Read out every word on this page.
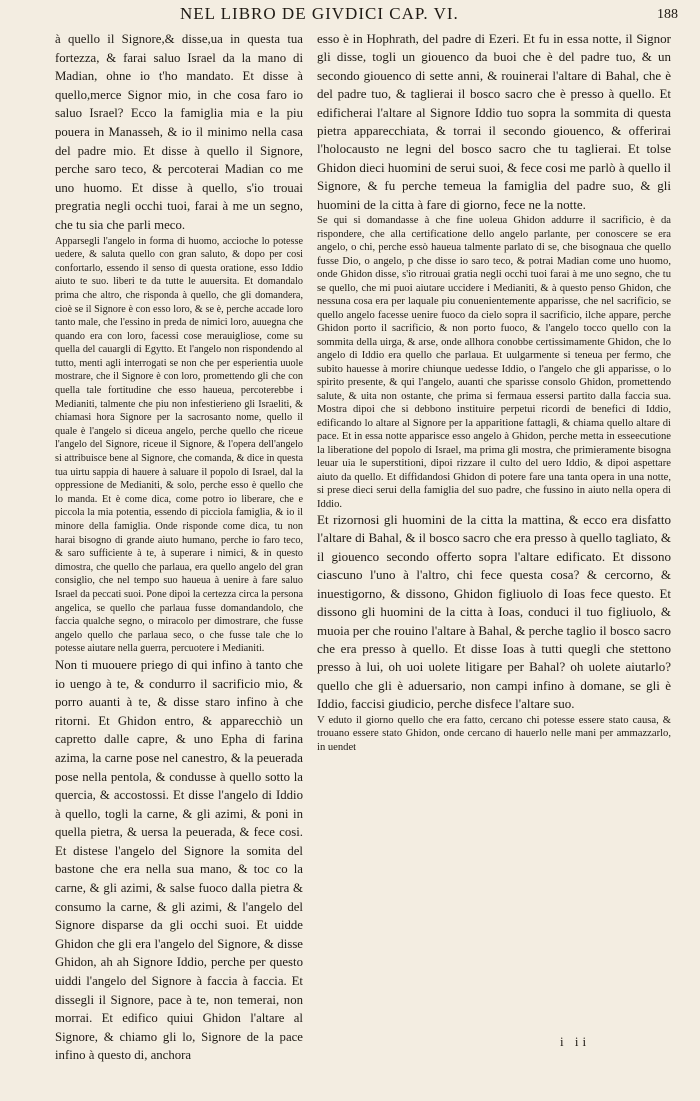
NEL LIBRO DE GIVDICI CAP. VI.	188

à quello il Signore,& disse,ua in questa tua fortezza, & farai saluo Israel da la mano di Madian, ohne io t'ho mandato. Et disse à quello,merce Signor mio, in che cosa faro io saluo Israel? Ecco la famiglia mia e la piu pouera in Manasseh, & io il minimo nella casa del padre mio. Et disse à quello il Signore, perche saro teco, & percoterai Madian co me uno huomo. Et disse à quello, s'io trouai pregratia negli occhi tuoi, farai à me un segno, che tu sia che parli meco.

Apparsegli l'angelo in forma di huomo, accioche lo potesse uedere, & saluta quello con gran saluto, & dopo per cosi confortarlo, essendo il senso di questa oratione, esso Iddio aiuto te suo. liberi te da tutte le auuersita. Et domandalo prima che altro, che risponda à quello, che gli domandera, cioè se il Signore è con esso loro, & se è, perche accade loro tanto male, che l'essino in preda de nimici loro, auuegna che quando era con loro, facessi cose merauigliose, come su quella del cauargli di Egytto. Et l'angelo non rispondendo al tutto, menti agli interrogati se non che per esperientia uuole mostrare, che il Signore è con loro, promettendo gli che con quella tale fortitudine che esso haueua, percoterebbe i Medianiti, talmente che piu non infestierieno gli Israeliti, & chiamasi hora Signore per la sacrosanto nome, quello il quale è l'angelo si diceua angelo, perche quello che riceue l'angelo del Signore, riceue il Signore, & l'opera dell'angelo si attribuisce bene al Signore, che comanda, & dice in questa tua uirtu sappia di hauere à saluare il popolo di Israel, dal la oppressione de Medianiti, & solo, perche esso è quello che lo manda. Et è come dica, come potro io liberare, che e piccola la mia potentia, essendo di picciola famiglia, & io il minore della famiglia. Onde risponde come dica, tu non harai bisogno di grande aiuto humano, perche io faro teco, & saro sufficiente à te, à superare i nimici, & in questo dimostra, che quello che parlaua, era quello angelo del gran consiglio, che nel tempo suo haueua à uenire à fare saluo Israel da peccati suoi. Pone dipoi la certezza circa la persona angelica, se quello che parlaua fusse domandandolo, che faccia qualche segno, o miracolo per dimostrare, che fusse angelo quello che parlaua seco, o che fusse tale che lo potesse aiutare nella guerra, percuotere i Medianiti.

Non ti muouere priego di qui infino à tanto che io uengo à te, & condurro il sacrificio mio, & porro auanti à te, & disse staro infino à che ritorni. Et Ghidon entro, & apparecchiò un capretto dalle capre, & uno Epha di farina azima, la carne pose nel canestro, & la peuerada pose nella pentola, & condusse à quello sotto la quercia, & accostossi. Et disse l'angelo di Iddio à quello, togli la carne, & gli azimi, & poni in quella pietra, & uersa la peuerada, & fece cosi. Et distese l'angelo del Signore la somita del bastone che era nella sua mano, & toc co la carne, & gli azimi, & salse fuoco dalla pietra & consumo la carne, & gli azimi, & l'angelo del Signore disparse da gli occhi suoi. Et uidde Ghidon che gli era l'angelo del Signore, & disse Ghidon, ah ah Signore Iddio, perche per questo uiddi l'angelo del Signore à faccia à faccia. Et dissegli il Signore, pace à te, non temerai, non morrai. Et edifico quiui Ghidon l'altare al Signore, & chiamo gli lo, Signore de la pace infino à questo di, anchora

esso è in Hophrath, del padre di Ezeri. Et fu in essa notte, il Signor gli disse, togli un giouenco da buoi che è del padre tuo, & un secondo giouenco di sette anni, & rouinerai l'altare di Bahal, che è del padre tuo, & taglierai il bosco sacro che è presso à quello. Et edificherai l'altare al Signore Iddio tuo sopra la sommita di questa pietra apparecchiata, & torrai il secondo giouenco, & offerirai l'holocausto ne legni del bosco sacro che tu taglierai. Et tolse Ghidon dieci huomini de serui suoi, & fece cosi me parlò à quello il Signore, & fu perche temeua la famiglia del padre suo, & gli huomini de la citta à fare di giorno, fece ne la notte.

Se qui si domandasse à che fine uoleua Ghidon addurre il sacrificio, è da rispondere, che alla certificatione dello angelo parlante, per conoscere se era angelo, o chi, perche essò haueua talmente parlato di se, che bisognaua che quello fusse Dio, o angelo, p che disse io saro teco, & potrai Madian come uno huomo, onde Ghidon disse, s'io ritrouai gratia negli occhi tuoi farai à me uno segno, che tu se quello, che mi puoi aiutare uccidere i Medianiti, & à questo penso Ghidon, che nessuna cosa era per laquale piu conuenientemente apparisse, che nel sacrificio, se quello angelo facesse uenire fuoco da cielo sopra il sacrificio, ilche appare, perche Ghidon porto il sacrificio, & non porto fuoco, & l'angelo tocco quello con la sommita della uirga, & arse, onde allhora conobbe certissimamente Ghidon, che lo angelo di Iddio era quello che parlaua. Et uulgarmente si teneua per fermo, che subito hauesse à morire chiunque uedesse Iddio, o l'angelo che gli apparisse, o lo spirito presente, & qui l'angelo, auanti che sparisse consolo Ghidon, promettendo salute, & uita non ostante, che prima si fermaua essersi partito dalla faccia sua. Mostra dipoi che si debbono instituire perpetui ricordi de benefici di Iddio, edificando lo altare al Signore per la apparitione fattagli, & chiama quello altare di pace. Et in essa notte apparisce esso angelo à Ghidon, perche metta in esseecutione la liberatione del popolo di Israel, ma prima gli mostra, che primieramente bisogna leuar uia le superstitioni, dipoi rizzare il culto del uero Iddio, & dipoi aspettare aiuto da quello. Et diffidandosi Ghidon di potere fare una tanta opera in una notte, si prese dieci serui della famiglia del suo padre, che fussino in aiuto nella opera di Iddio.

Et rizornosi gli huomini de la citta la mattina, & ecco era disfatto l'altare di Bahal, & il bosco sacro che era presso à quello tagliato, & il giouenco secondo offerto sopra l'altare edificato. Et dissono ciascuno l'uno à l'altro, chi fece questa cosa? & cercorno, & inuestigorno, & dissono, Ghidon figliuolo di Ioas fece questo. Et dissono gli huomini de la citta à Ioas, conduci il tuo figliuolo, & muoia per che rouino l'altare à Bahal, & perche taglio il bosco sacro che era presso à quello. Et disse Ioas à tutti quegli che stettono presso à lui, oh uoi uolete litigare per Bahal? oh uolete aiutarlo? quello che gli è aduersario, non campi infino à domane, se gli è Iddio, faccisi giudicio, perche disfece l'altare suo.

V eduto il giorno quello che era fatto, cercano chi potesse essere stato causa, & trouano essere stato Ghidon, onde cercano di hauerlo nelle mani per ammazzarlo, in uendet

i ii
